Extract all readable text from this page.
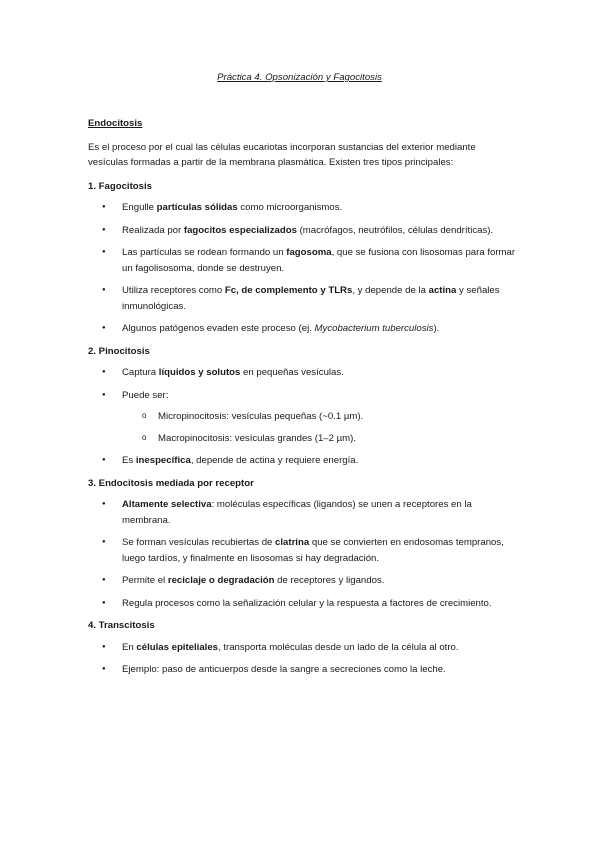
Práctica 4. Opsonización y Fagocitosis
Endocitosis

Es el proceso por el cual las células eucariotas incorporan sustancias del exterior mediante vesículas formadas a partir de la membrana plasmática. Existen tres tipos principales:

1. Fagocitosis
● Engulle partículas sólidas como microorganismos.
● Realizada por fagocitos especializados (macrófagos, neutrófilos, células dendríticas).
● Las partículas se rodean formando un fagosoma, que se fusiona con lisosomas para formar un fagolisosoma, donde se destruyen.
● Utiliza receptores como Fc, de complemento y TLRs, y depende de la actina y señales inmunológicas.
● Algunos patógenos evaden este proceso (ej. Mycobacterium tuberculosis).
2. Pinocitosis
● Captura líquidos y solutos en pequeñas vesículas.
● Puede ser:
o Micropinocitosis: vesículas pequeñas (~0.1 µm).
o Macropinocitosis: vesículas grandes (1–2 µm).
● Es inespecífica, depende de actina y requiere energía.
3. Endocitosis mediada por receptor
● Altamente selectiva: moléculas específicas (ligandos) se unen a receptores en la membrana.
● Se forman vesículas recubiertas de clatrina que se convierten en endosomas tempranos, luego tardíos, y finalmente en lisosomas si hay degradación.
● Permite el reciclaje o degradación de receptores y ligandos.
● Regula procesos como la señalización celular y la respuesta a factores de crecimiento.
4. Transcitosis
● En células epiteliales, transporta moléculas desde un lado de la célula al otro.
● Ejemplo: paso de anticuerpos desde la sangre a secreciones como la leche.
